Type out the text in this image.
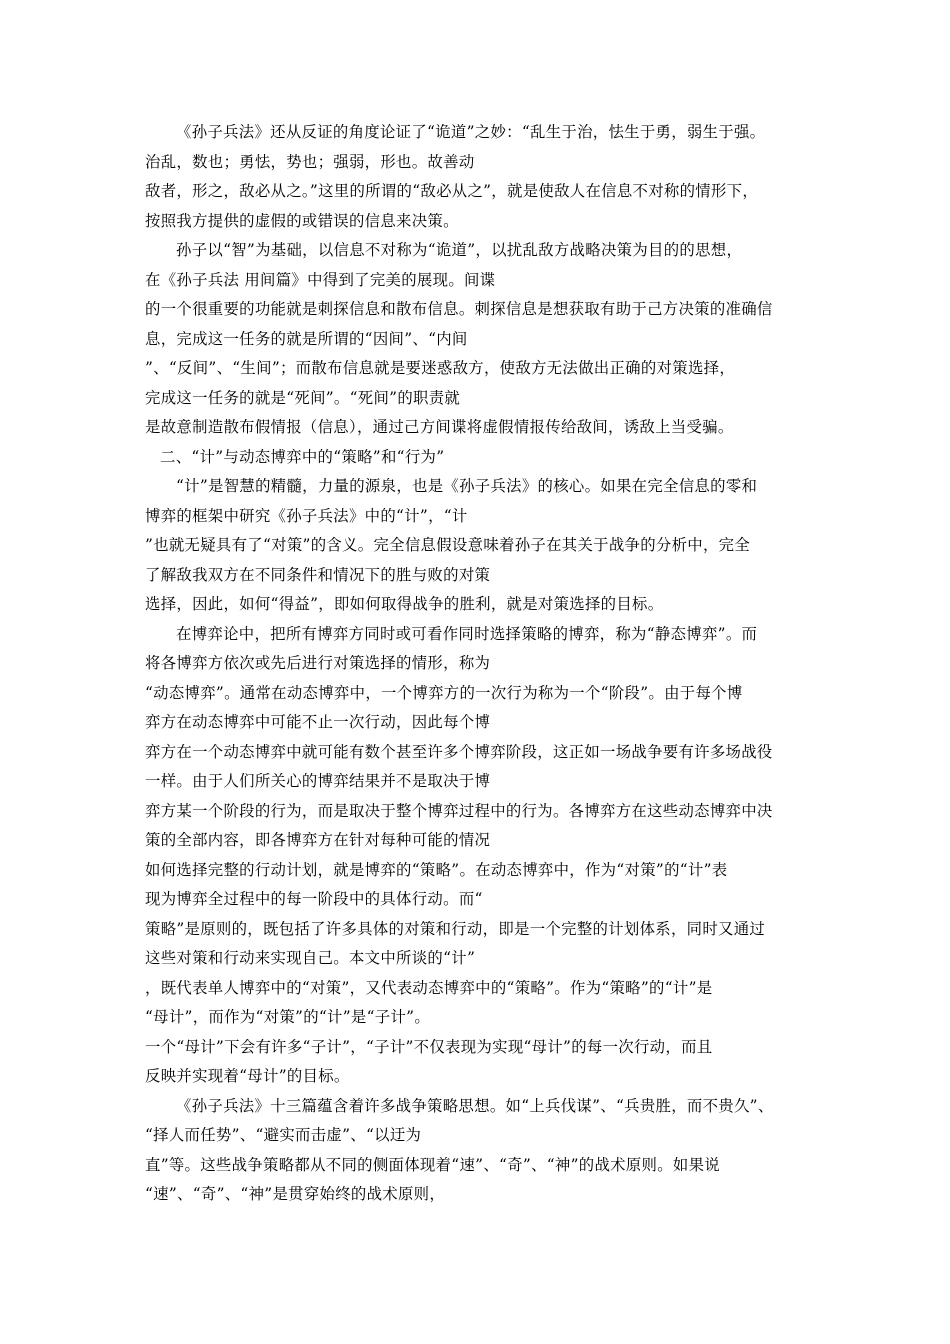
《孙子兵法》还从反证的角度论证了“诡道”之妙：“乱生于治，怯生于勇，弱生于强。
治乱，数也；勇怯，势也；强弱，形也。故善动
敌者，形之，敌必从之。”这里的所谓的“敌必从之”，就是使敌人在信息不对称的情形下，
按照我方提供的虚假的或错误的信息来决策。
孙子以“智”为基础，以信息不对称为“诡道”，以扰乱敌方战略决策为目的的思想，
在《孙子兵法 用间篇》中得到了完美的展现。间谍
的一个很重要的功能就是刺探信息和散布信息。刺探信息是想获取有助于己方决策的准确信
息，完成这一任务的就是所谓的“因间”、“内间
”、“反间”、“生间”；而散布信息就是要迷惑敌方，使敌方无法做出正确的对策选择，
完成这一任务的就是“死间”。“死间”的职责就
是故意制造散布假情报（信息），通过己方间谍将虚假情报传给敌间，诱敌上当受骗。
二、“计”与动态博弈中的“策略”和“行为”
“计”是智慧的精髓，力量的源泉，也是《孙子兵法》的核心。如果在完全信息的零和
博弈的框架中研究《孙子兵法》中的“计”，“计
”也就无疑具有了“对策”的含义。完全信息假设意味着孙子在其关于战争的分析中，完全
了解敌我双方在不同条件和情况下的胜与败的对策
选择，因此，如何“得益”，即如何取得战争的胜利，就是对策选择的目标。
在博弈论中，把所有博弈方同时或可看作同时选择策略的博弈，称为“静态博弈”。而
将各博弈方依次或先后进行对策选择的情形，称为
“动态博弈”。通常在动态博弈中，一个博弈方的一次行为称为一个“阶段”。由于每个博
弈方在动态博弈中可能不止一次行动，因此每个博
弈方在一个动态博弈中就可能有数个甚至许多个博弈阶段，这正如一场战争要有许多场战役
一样。由于人们所关心的博弈结果并不是取决于博
弈方某一个阶段的行为，而是取决于整个博弈过程中的行为。各博弈方在这些动态博弈中决
策的全部内容，即各博弈方在针对每种可能的情况
如何选择完整的行动计划，就是博弈的“策略”。在动态博弈中，作为“对策”的“计”表
现为博弈全过程中的每一阶段中的具体行动。而“
策略”是原则的，既包括了许多具体的对策和行动，即是一个完整的计划体系，同时又通过
这些对策和行动来实现自己。本文中所谈的“计”
，既代表单人博弈中的“对策”，又代表动态博弈中的“策略”。作为“策略”的“计”是
“母计”，而作为“对策”的“计”是“子计”。
一个“母计”下会有许多“子计”，“子计”不仅表现为实现“母计”的每一次行动，而且
反映并实现着“母计”的目标。
《孙子兵法》十三篇蕴含着许多战争策略思想。如“上兵伐谋”、“兵贵胜，而不贵久”、
“择人而任势”、“避实而击虚”、“以迂为
直”等。这些战争策略都从不同的侧面体现着“速”、“奇”、“神”的战术原则。如果说
“速”、“奇”、“神”是贯穿始终的战术原则，
